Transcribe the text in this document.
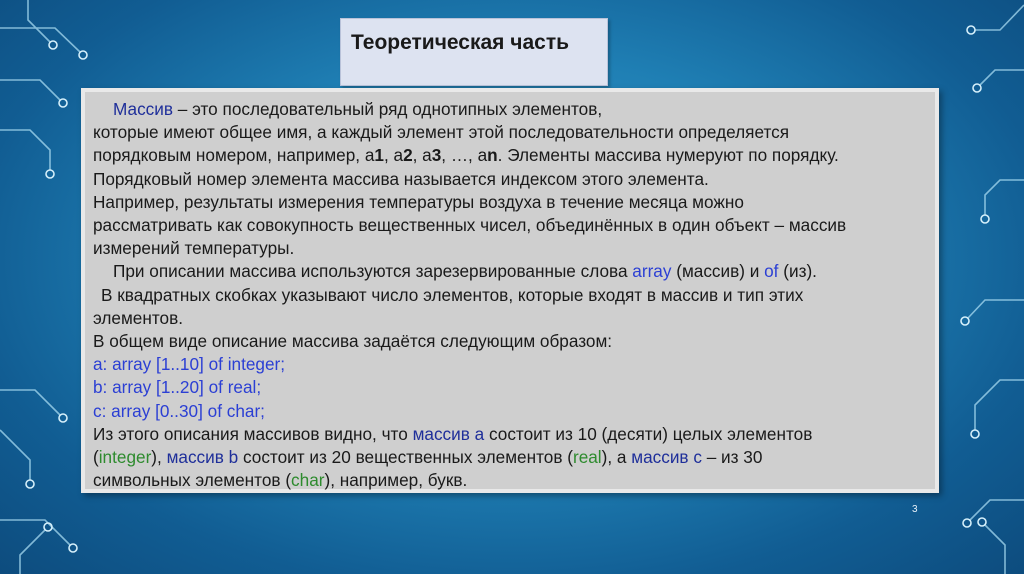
Теоретическая часть
Массив – это последовательный ряд однотипных элементов,
которые имеют общее имя, а каждый элемент этой последовательности определяется
порядковым номером, например, а1, а2, а3, …, аn. Элементы массива нумеруют по порядку.
Порядковый номер элемента массива называется индексом этого элемента.
Например, результаты измерения температуры воздуха в течение месяца можно
рассматривать как совокупность вещественных чисел, объединённых в один объект – массив
измерений температуры.
При описании массива используются зарезервированные слова array (массив) и of (из).
В квадратных скобках указывают число элементов, которые входят в массив и тип этих
элементов.
В общем виде описание массива задаётся следующим образом:
a: array [1..10] of integer;
b: array [1..20] of real;
c: array [0..30] of char;
Из этого описания массивов видно, что массив a состоит из 10 (десяти) целых элементов
(integer), массив b состоит из 20 вещественных элементов (real), а массив c – из 30
символьных элементов (char), например, букв.
3
